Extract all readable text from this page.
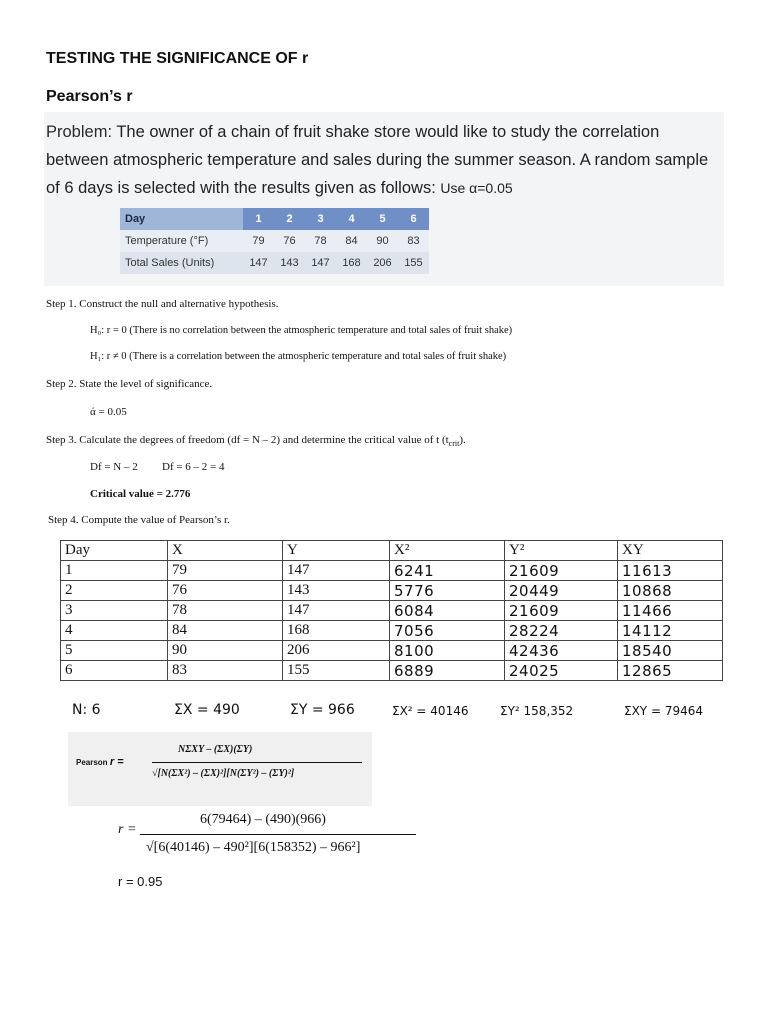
TESTING THE SIGNIFICANCE OF r
Pearson’s r
Problem: The owner of a chain of fruit shake store would like to study the correlation between atmospheric temperature and sales during the summer season. A random sample of 6 days is selected with the results given as follows: Use α=0.05
Day	1	2	3	4	5	6
Temperature (°F)	79	76	78	84	90	83
Total Sales (Units)	147	143	147	168	206	155
Step 1. Construct the null and alternative hypothesis.
H₀: r = 0 (There is no correlation between the atmospheric temperature and total sales of fruit shake)
H₁: r ≠ 0 (There is a correlation between the atmospheric temperature and total sales of fruit shake)
Step 2. State the level of significance.
ά = 0.05
Step 3. Calculate the degrees of freedom (df = N – 2) and determine the critical value of t $(t_{crit})$.
Df = N – 2 Df = 6 – 2 = 4
Critical value = 2.776
Step 4. Compute the value of Pearson’s r.
Day	X	Y	X²	Y²	XY
1	79	147	6241	21609	11613
2	76	143	5776	20449	10868
3	78	147	6084	21609	11466
4	84	168	7056	28224	14112
5	90	206	8100	42436	18540
6	83	155	6889	24025	12865
N: 6	ΣX = 490	ΣY = 966	ΣX² = 40146	ΣY² 158,352	ΣXY = 79464
Pearson r =
NΣXY – (ΣX)(ΣY)
√[N(ΣX²) – (ΣX)²][N(ΣY²) – (ΣY)²]
r =
6(79464) – (490)(966)
√[6(40146) – 490²][6(158352) – 966²]
r = 0.95
